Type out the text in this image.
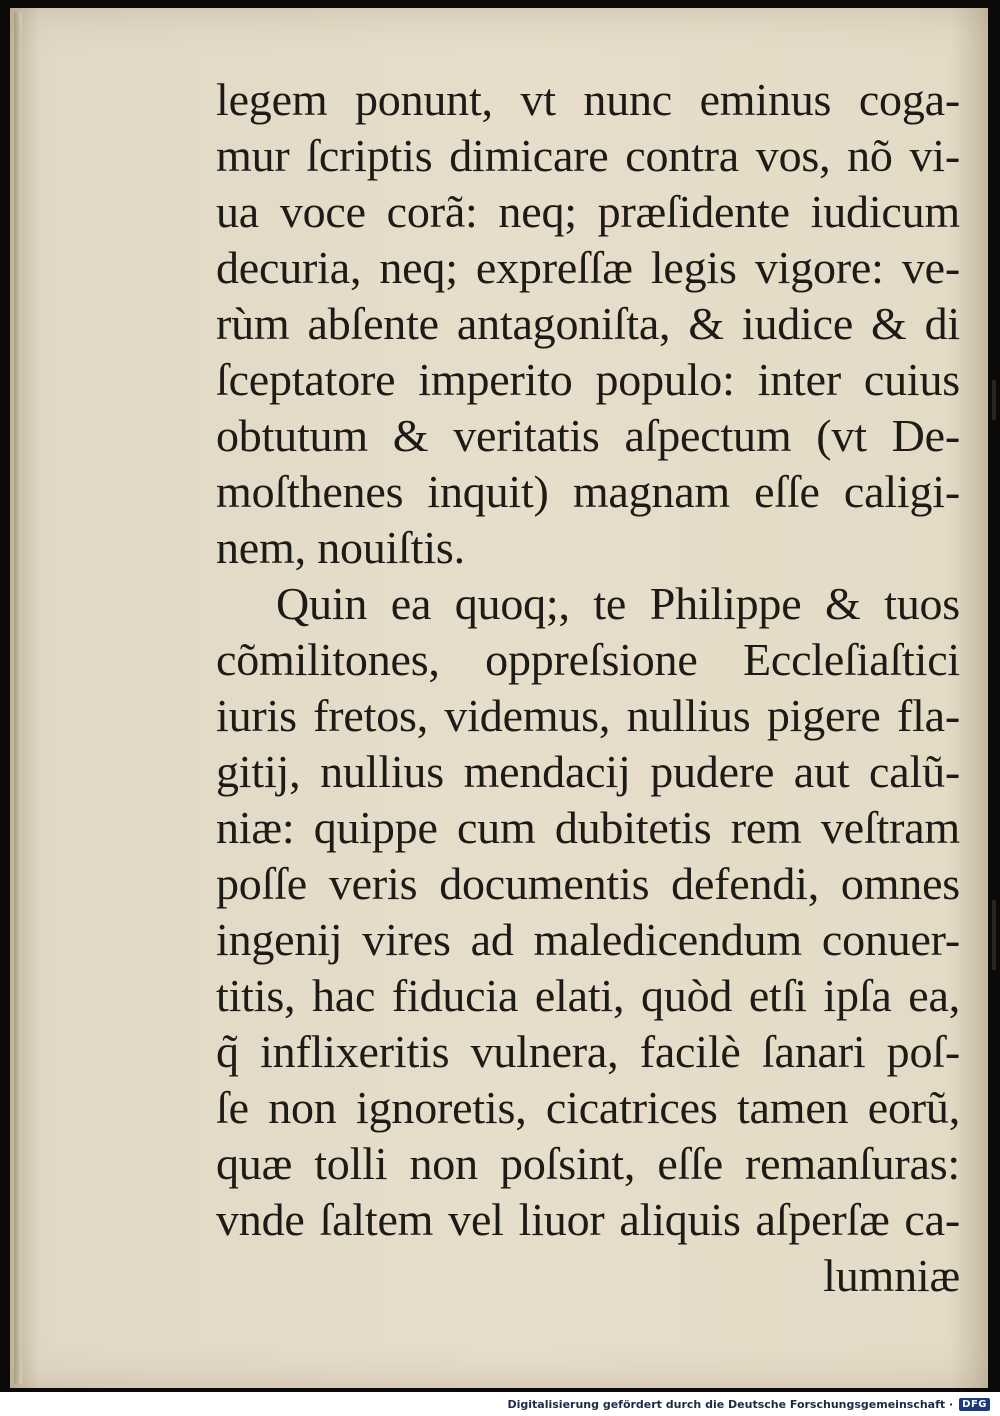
legem ponunt, vt nunc eminus coga-
mur ſcriptis dimicare contra vos, nõ vi-
ua voce corã: neq; præſidente iudicum
decuria, neq; expreſſæ legis vigore: ve-
rùm abſente antagoniſta, & iudice & di
ſceptatore imperito populo: inter cuius
obtutum & veritatis aſpectum (vt De-
moſthenes inquit) magnam eſſe caligi-
nem, nouiſtis.
Quin ea quoq;, te Philippe & tuos
cõmilitones, oppreſsione Eccleſiaſtici
iuris fretos, videmus, nullius pigere fla-
gitij, nullius mendacij pudere aut calũ-
niæ: quippe cum dubitetis rem veſtram
poſſe veris documentis defendi, omnes
ingenij vires ad maledicendum conuer-
titis, hac fiducia elati, quòd etſi ipſa ea,
q̃ inflixeritis vulnera, facilè ſanari poſ-
ſe non ignoretis, cicatrices tamen eorũ,
quæ tolli non poſsint, eſſe remanſuras:
vnde ſaltem vel liuor aliquis aſperſæ ca-
lumniæ
Digitalisierung gefördert durch die Deutsche Forschungsgemeinschaft · DFG
